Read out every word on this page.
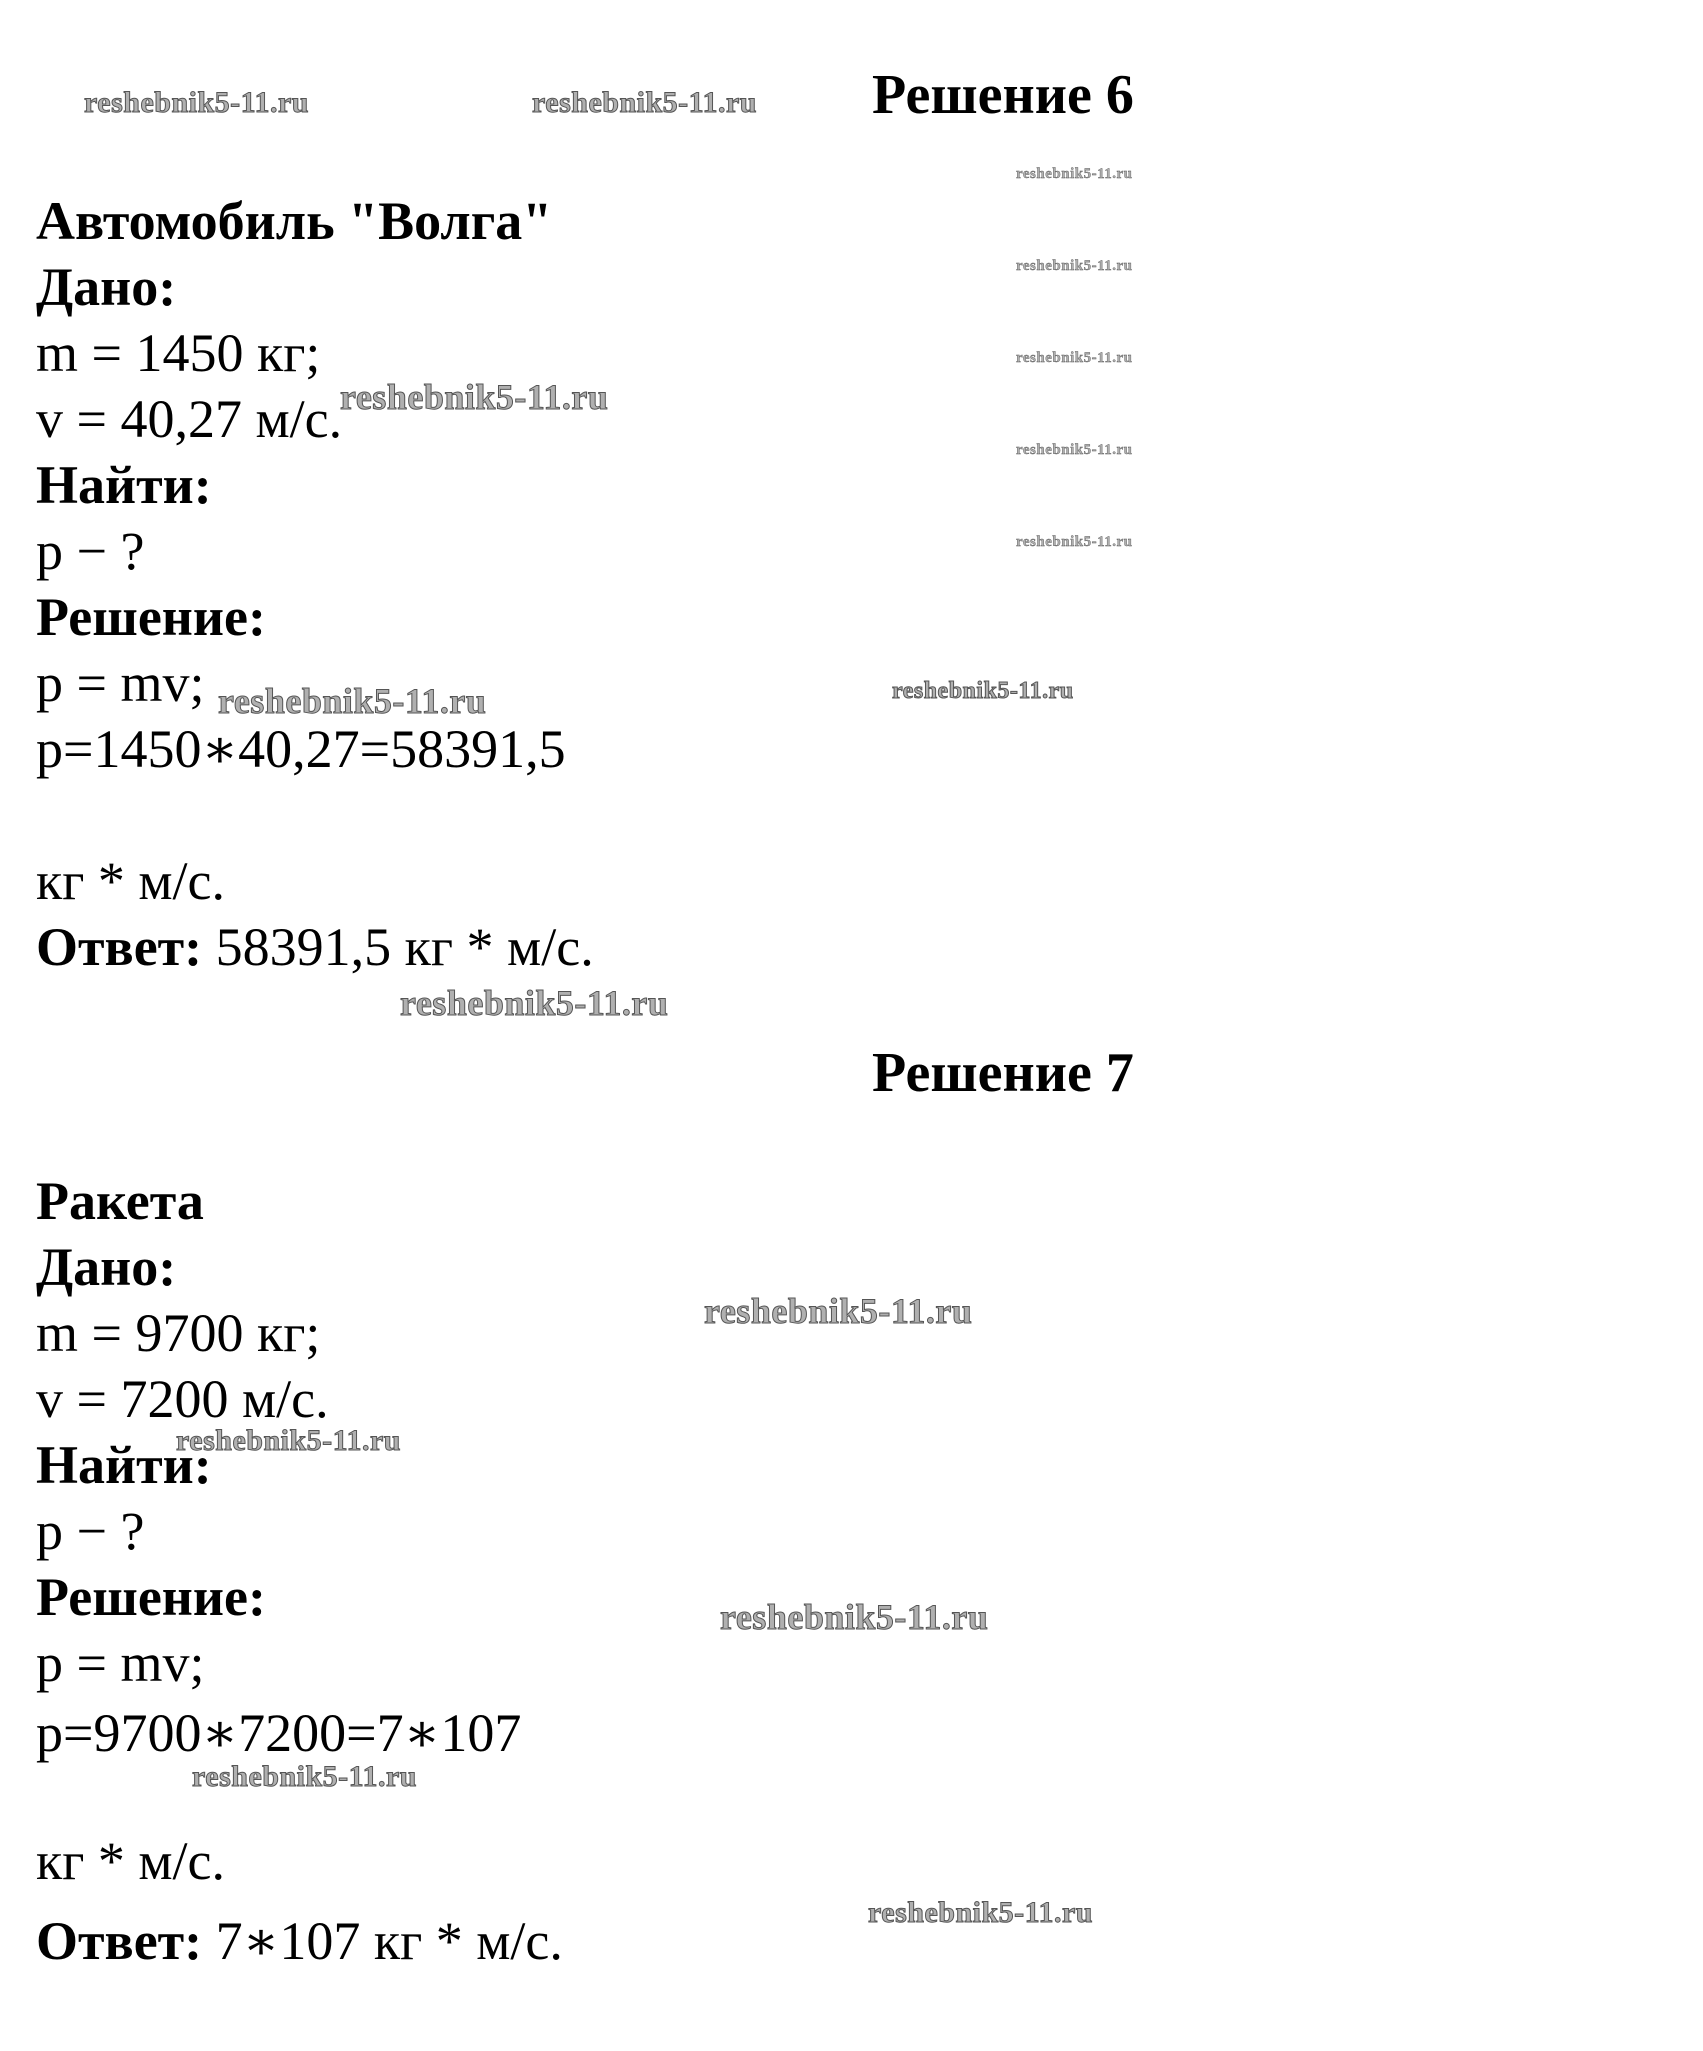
Решение 6
Автомобиль "Волга"
Дано:
m = 1450 кг;
v = 40,27 м/с.
Найти:
p − ?
Решение:
p = mv;
p=1450∗40,27=58391,5
кг * м/с.
Ответ: 58391,5 кг * м/с.
Решение 7
Ракета
Дано:
m = 9700 кг;
v = 7200 м/с.
Найти:
p − ?
Решение:
p = mv;
p=9700∗7200=7∗107
кг * м/с.
Ответ: 7∗107 кг * м/с.
reshebnik5-11.ru	reshebnik5-11.ru
reshebnik5-11.ru
reshebnik5-11.ru
reshebnik5-11.ru
reshebnik5-11.ru
reshebnik5-11.ru
reshebnik5-11.ru
reshebnik5-11.ru	reshebnik5-11.ru
reshebnik5-11.ru
reshebnik5-11.ru
reshebnik5-11.ru
reshebnik5-11.ru
reshebnik5-11.ru
reshebnik5-11.ru
